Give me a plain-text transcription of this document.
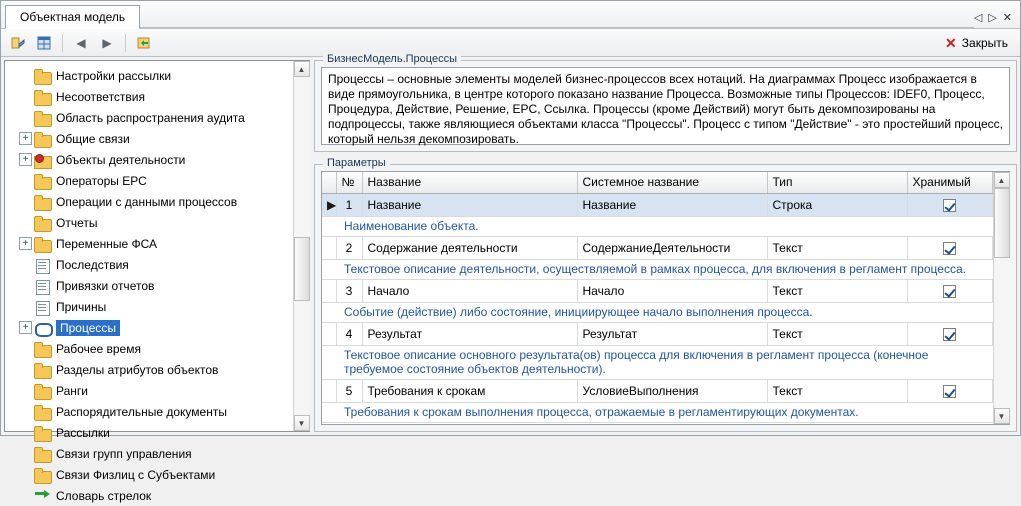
Объектная модель	◁ ▷ ✕
◀ ▶	✕ Закрыть
Настройки рассылки
Несоответствия
Область распространения аудита
+ Общие связи
+ Объекты деятельности
Операторы ЕРС
Операции с данными процессов
Отчеты
+ Переменные ФСА
Последствия
Привязки отчетов
Причины
+	Процессы
Рабочее время
Разделы атрибутов объектов
Ранги
Распорядительные документы
Рассылки
Связи групп управления
Связи Физлиц с Субъектами
Словарь стрелок
▲
▼
БизнесМодель.Процессы
Процессы – основные элементы моделей бизнес-процессов всех нотаций. На диаграммах Процесс изображается в виде прямоугольника, в центре которого показано название Процесса. Возможные типы Процессов: IDEF0, Процесс, Процедура, Действие, Решение, EPC, Ссылка. Процессы (кроме Действий) могут быть декомпозированы на подпроцессы, также являющиеся объектами класса "Процессы". Процесс с типом "Действие" - это простейший процесс, который нельзя декомпозировать.
Параметры
	№	Название	Системное название	Тип	Хранимый
▶	1	Название	Название	Строка	
Наименование объекта.					
	2	Содержание деятельности	СодержаниеДеятельности	Текст	
Текстовое описание деятельности, осуществляемой в рамках процесса, для включения в регламент процесса.					
	3	Начало	Начало	Текст	
Событие (действие) либо состояние, инициирующее начало выполнения процесса.					
	4	Результат	Результат	Текст	
Текстовое описание основного результата(ов) процесса для включения в регламент процесса (конечное требуемое состояние объектов деятельности).					
	5	Требования к срокам	УсловиеВыполнения	Текст	
Требования к срокам выполнения процесса, отражаемые в регламентирующих документах.					
▲
▼
